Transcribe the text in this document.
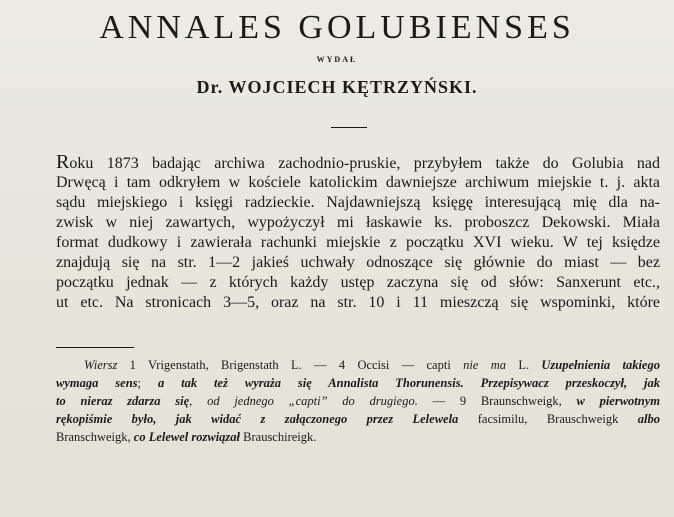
ANNALES GOLUBIENSES
WYDAŁ
Dr. WOJCIECH KĘTRZYŃSKI.
Roku 1873 badając archiwa zachodnio-pruskie, przybyłem także do Golubia nad
Drwęcą i tam odkryłem w kościele katolickim dawniejsze archiwum miejskie t. j. akta
sądu miejskiego i księgi radzieckie. Najdawniejszą księgę interesującą mię dla na-
zwisk w niej zawartych, wypożyczył mi łaskawie ks. proboszcz Dekowski. Miała
format dudkowy i zawierała rachunki miejskie z początku XVI wieku. W tej księdze
znajdują się na str. 1—2 jakieś uchwały odnoszące się głównie do miast — bez
początku jednak — z których każdy ustęp zaczyna się od słów: Sanxerunt etc.,
ut etc. Na stronicach 3—5, oraz na str. 10 i 11 mieszczą się wspominki, które
Wiersz 1 Vrigenstath, Brigenstath L. — 4 Occisi — capti nie ma L. Uzupełnienia takiego
wymaga sens; a tak też wyraża się Annalista Thorunensis. Przepisywacz przeskoczył, jak
to nieraz zdarza się, od jednego „capti” do drugiego. — 9 Braunschweigk, w pierwotnym
rękopiśmie było, jak widać z załączonego przez Lelewela facsimilu, Brauschweigk albo
Branschweigk, co Lelewel rozwiązał Brauschireigk.
